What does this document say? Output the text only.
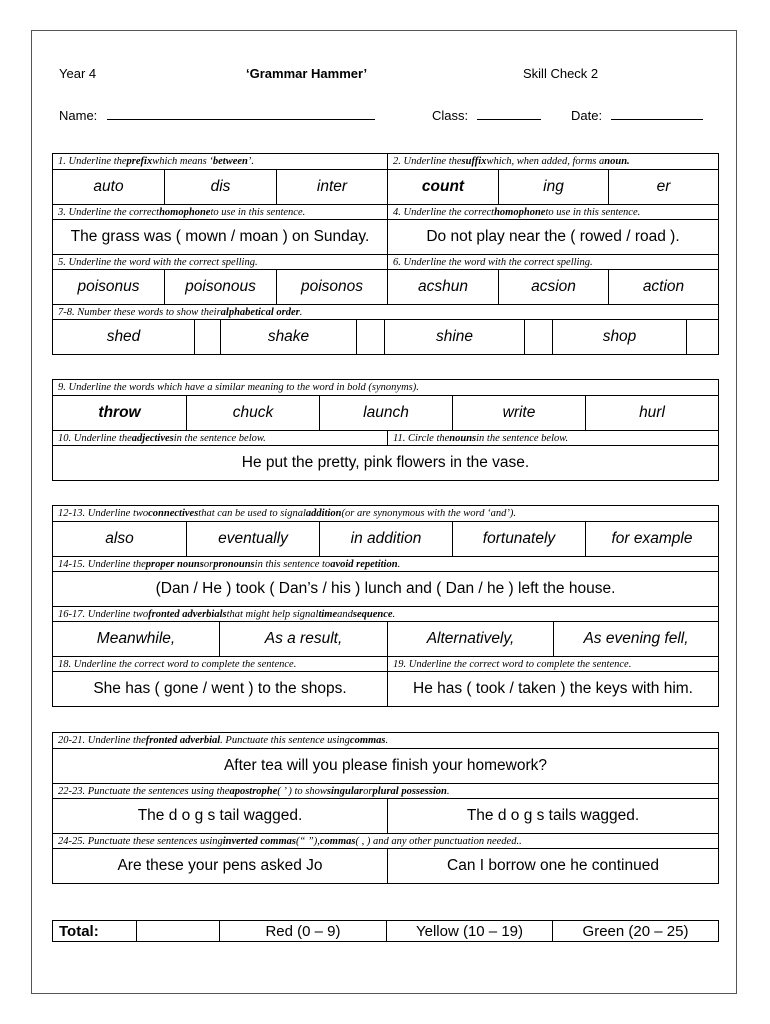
Year 4	‘Grammar Hammer’	Skill Check 2
Name:	Class:	Date:
1. Underline the prefix which means ‘ between ’.	2. Underline the suffix which, when added, forms a noun.
auto	dis	inter	count	ing	er
3. Underline the correct homophone to use in this sentence.	4. Underline the correct homophone to use in this sentence.
The grass was ( mown / moan ) on Sunday.	Do not play near the ( rowed / road ).
5. Underline the word with the correct spelling.	6. Underline the word with the correct spelling.
poisonus	poisonous	poisonos	acshun	acsion	action
7-8. Number these words to show their alphabetical order .
shed	shake	shine	shop
9. Underline the words which have a similar meaning to the word in bold (synonyms).
throw	chuck	launch	write	hurl
10. Underline the adjectives in the sentence below.	11. Circle the nouns in the sentence below.
He put the pretty, pink flowers in the vase.
12-13. Underline two connectives that can be used to signal addition (or are synonymous with the word ‘and’).
also	eventually	in addition	fortunately	for example
14-15. Underline the proper nouns or pronouns in this sentence to avoid repetition .
(Dan / He ) took ( Dan’s / his ) lunch and ( Dan / he ) left the house.
16-17. Underline two fronted adverbials that might help signal time and sequence .
Meanwhile,	As a result,	Alternatively,	As evening fell,
18. Underline the correct word to complete the sentence.	19. Underline the correct word to complete the sentence.
She has ( gone / went ) to the shops.	He has ( took / taken ) the keys with him.
20-21. Underline the fronted adverbial . Punctuate this sentence using commas .
After tea will you please finish your homework?
22-23. Punctuate the sentences using the apostrophe ( ’ ) to show singular or plural possession .
The d o g s tail wagged.	The d o g s tails wagged.
24-25. Punctuate these sentences using inverted commas (“ ”), commas ( , ) and any other punctuation needed..
Are these your pens asked Jo	Can I borrow one he continued
Total:	Red (0 – 9)	Yellow (10 – 19)	Green (20 – 25)
